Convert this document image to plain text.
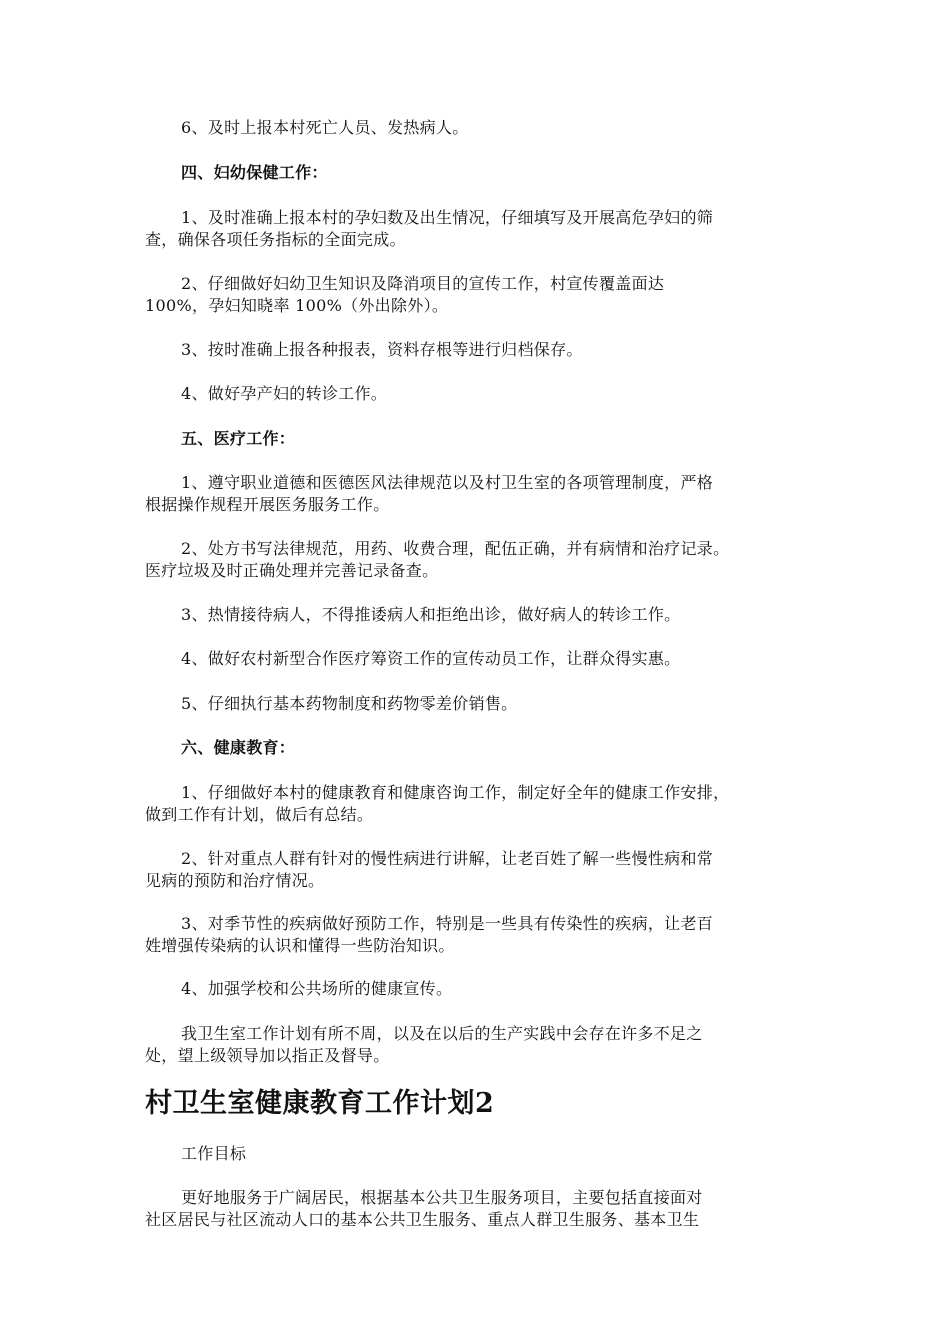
6、及时上报本村死亡人员、发热病人。
四、妇幼保健工作：
1、及时准确上报本村的孕妇数及出生情况，仔细填写及开展高危孕妇的筛
查，确保各项任务指标的全面完成。
2、仔细做好妇幼卫生知识及降消项目的宣传工作，村宣传覆盖面达
100%，孕妇知晓率 100%（外出除外）。
3、按时准确上报各种报表，资料存根等进行归档保存。
4、做好孕产妇的转诊工作。
五、医疗工作：
1、遵守职业道德和医德医风法律规范以及村卫生室的各项管理制度，严格
根据操作规程开展医务服务工作。
2、处方书写法律规范，用药、收费合理，配伍正确，并有病情和治疗记录。
医疗垃圾及时正确处理并完善记录备查。
3、热情接待病人，不得推诿病人和拒绝出诊，做好病人的转诊工作。
4、做好农村新型合作医疗筹资工作的宣传动员工作，让群众得实惠。
5、仔细执行基本药物制度和药物零差价销售。
六、健康教育：
1、仔细做好本村的健康教育和健康咨询工作，制定好全年的健康工作安排，
做到工作有计划，做后有总结。
2、针对重点人群有针对的慢性病进行讲解，让老百姓了解一些慢性病和常
见病的预防和治疗情况。
3、对季节性的疾病做好预防工作，特别是一些具有传染性的疾病，让老百
姓增强传染病的认识和懂得一些防治知识。
4、加强学校和公共场所的健康宣传。
我卫生室工作计划有所不周，以及在以后的生产实践中会存在许多不足之
处，望上级领导加以指正及督导。
村卫生室健康教育工作计划2
工作目标
更好地服务于广阔居民，根据基本公共卫生服务项目，主要包括直接面对
社区居民与社区流动人口的基本公共卫生服务、重点人群卫生服务、基本卫生
